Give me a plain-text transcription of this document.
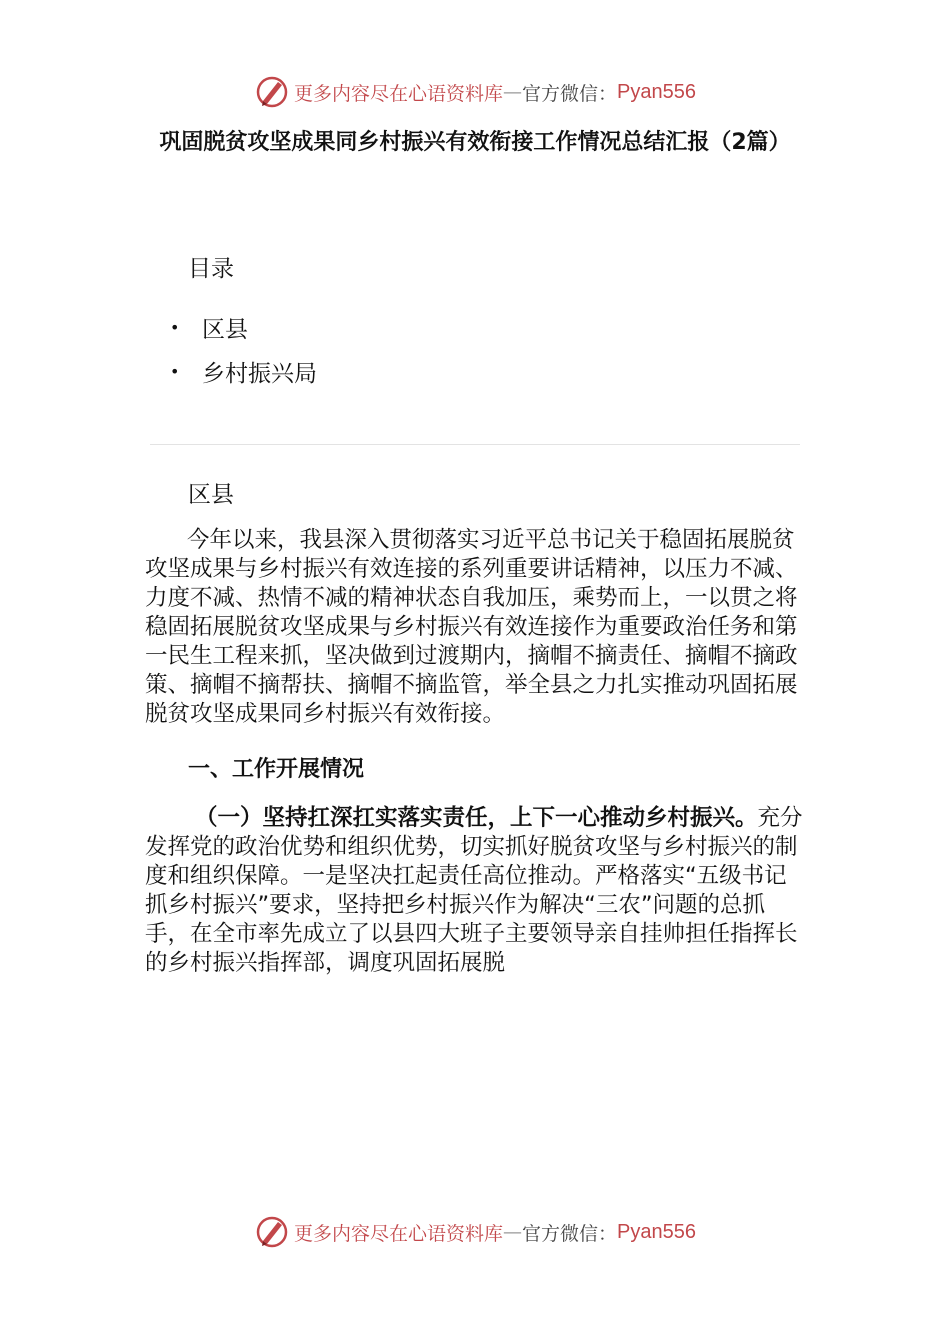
更多内容尽在心语资料库 — 官方微信： Pyan556
巩固脱贫攻坚成果同乡村振兴有效衔接工作情况总结汇报（2篇）
目录
• 区县
• 乡村振兴局
区县

今年以来，我县深入贯彻落实习近平总书记关于稳固拓展脱贫攻坚成果与乡村振兴有效连接的系列重要讲话精神，以压力不减、力度不减、热情不减的精神状态自我加压，乘势而上，一以贯之将稳固拓展脱贫攻坚成果与乡村振兴有效连接作为重要政治任务和第一民生工程来抓，坚决做到过渡期内，摘帽不摘责任、摘帽不摘政策、摘帽不摘帮扶、摘帽不摘监管，举全县之力扎实推动巩固拓展脱贫攻坚成果同乡村振兴有效衔接。

一、工作开展情况

（一）坚持扛深扛实落实责任，上下一心推动乡村振兴。充分发挥党的政治优势和组织优势，切实抓好脱贫攻坚与乡村振兴的制度和组织保障。一是坚决扛起责任高位推动。严格落实“五级书记抓乡村振兴”要求，坚持把乡村振兴作为解决“三农”问题的总抓手，在全市率先成立了以县四大班子主要领导亲自挂帅担任指挥长的乡村振兴指挥部，调度巩固拓展脱

更多内容尽在心语资料库 — 官方微信： Pyan556
